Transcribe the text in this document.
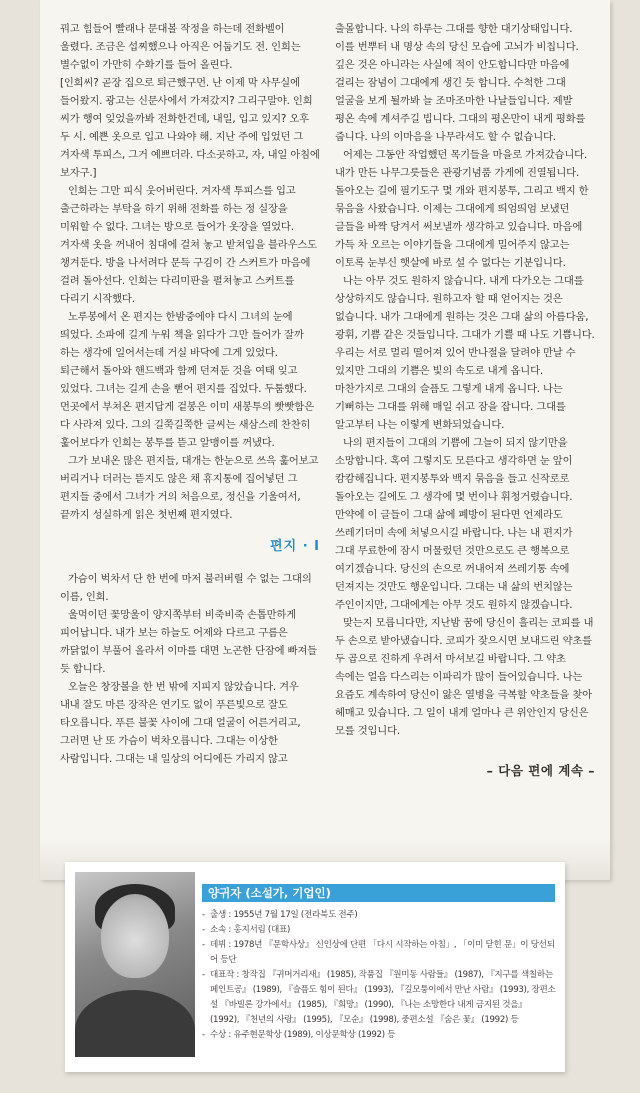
꿔고 힘들어 빨래나 문대볼 작정을 하는데 전화벨이 울렸다. 조금은 섭찌했으나 아직은 어둡기도 전. 인희는 별수없이 가만히 수화기를 들어 올린다.

[인희씨? 곧장 집으로 퇴근했구먼. 난 이제 막 사무실에 들어왔지. 광고는 신문사에서 가져갔지? 그리구말야. 인희 씨가 행여 잊었을까봐 전화한건데, 내일, 입고 있지? 오후 두 시. 예쁜 옷으로 입고 나와야 해. 지난 주에 입었던 그 겨자색 투피스, 그거 예쁘더라. 다소곳하고, 자, 내일 아침에 보자구.]

인희는 그만 피식 웃어버린다. 겨자색 투피스를 입고 출근하라는 부탁을 하기 위해 전화를 하는 정 실장을 미워할 수 없다. 그녀는 방으로 들어가 옷장을 열었다. 겨자색 옷을 꺼내어 침대에 걸쳐 놓고 받쳐입을 블라우스도 챙겨둔다. 방을 나서려다 문득 구김이 간 스커트가 마음에 걸려 돌아선다. 인희는 다리미판을 펼쳐놓고 스커트를 다리기 시작했다.

노루봉에서 온 편지는 한밤중에야 다시 그녀의 눈에 띄었다. 소파에 길게 누워 책을 읽다가 그만 들어가 잘까 하는 생각에 일어서는데 거실 바닥에 그게 있었다. 퇴근해서 돌아와 핸드백과 함께 던져둔 것을 여태 잊고 있었다. 그녀는 길게 손을 뻗어 편지를 집었다. 두툼했다. 먼곳에서 부쳐온 편지답게 겉봉은 이미 새봉투의 빳빳함은 다 사라져 있다. 그의 길쭉길쭉한 글씨는 새삼스레 찬찬히 훑어보다가 인희는 봉투를 뜯고 알맹이를 꺼냈다.

그가 보내온 많은 편지들, 대개는 한눈으로 쓰윽 훑어보고 버리거나 더러는 뜯지도 않은 채 휴지통에 집어넣던 그 편지들 중에서 그녀가 거의 처음으로, 정신을 기울여서, 끝까지 성실하게 읽은 첫번째 편지였다.

편지 · I

가슴이 벅차서 단 한 번에 마저 불러버릴 수 없는 그대의 이름, 인희.

울먹이던 꽃망울이 양지쪽부터 비죽비죽 손톱만하게 피어납니다. 내가 보는 하늘도 어제와 다르고 구름은 까닭없이 부풀어 올라서 이마를 대면 노곤한 단잠에 빠져들 듯 합니다.

오늘은 창장볼을 한 번 밖에 지피지 않았습니다. 겨우 내내 잘도 마른 장작은 연기도 없이 푸른빛으로 잘도 타오릅니다. 푸른 불꽃 사이에 그대 얼굴이 어른거리고, 그러면 난 또 가슴이 벅차오릅니다. 그대는 이상한 사람입니다. 그대는 내 일상의 어디에든 가리지 않고

출몰합니다. 나의 하루는 그대를 향한 대기상태입니다. 이를 번뿌터 내 명상 속의 당신 모습에 고뇌가 비칩니다. 깊은 것은 아니라는 사실에 적이 안도합니다만 마음에 걸리는 잠념이 그대에게 생긴 듯 합니다. 수척한 그대 얼굴을 보게 될까봐 늘 조마조마한 나날들입니다. 제발 평온 속에 계셔주길 빕니다. 그대의 평온만이 내게 평화를 줍니다. 나의 이마음을 나무라셔도 할 수 없습니다.

어제는 그동안 작업했던 목기들을 마을로 가져갔습니다. 내가 만든 나무그릇들은 관광기념품 가게에 진열됩니다. 돌아오는 길에 필기도구 몇 개와 편지봉투, 그리고 백지 한 묶음을 사왔습니다. 이제는 그대에게 띄엄띄엄 보냈던 글들을 바짝 당겨서 써보낼까 생각하고 있습니다. 마음에 가득 차 오르는 이야기들을 그대에게 밀어주지 않고는 이토록 눈부신 햇살에 바로 설 수 없다는 기분입니다.

나는 아무 것도 원하지 않습니다. 내게 다가오는 그대를 상상하지도 않습니다. 원하고자 할 때 얻어지는 것은 없습니다. 내가 그대에게 원하는 것은 그대 삶의 아름다움, 광휘, 기쁨 같은 것들입니다. 그대가 기쁠 때 나도 기쁩니다. 우리는 서로 멀리 떨어져 있어 반나절을 달려야 만날 수 있지만 그대의 기쁨은 빛의 속도로 내게 옵니다. 마찬가지로 그대의 슬픔도 그렇게 내게 옵니다. 나는 기뻐하는 그대를 위해 매일 쉬고 잠을 잡니다. 그대를 알고부터 나는 이렇게 변화되었습니다.

나의 편지들이 그대의 기쁨에 그늘이 되지 않기만을 소망합니다. 혹여 그렇지도 모른다고 생각하면 눈 앞이 캄캄해집니다. 편지봉투와 백지 묶음을 들고 신작로로 돌아오는 길에도 그 생각에 몇 번이나 휘청거렸습니다. 만약에 이 글들이 그대 삶에 폐방이 된다면 언제라도 쓰레기더미 속에 처넣으시길 바랍니다. 나는 내 편지가 그대 무료한에 잠시 머물렀던 것만으로도 큰 행복으로 여기겠습니다. 당신의 손으로 꺼내어져 쓰레기통 속에 던져지는 것만도 행운입니다. 그대는 내 삶의 번치않는 주인이지만, 그대에게는 아무 것도 원하지 않겠습니다.

맞는지 모릅니다만, 지난밤 꿈에 당신이 흘리는 코피를 내 두 손으로 받아냈습니다. 코피가 잦으시면 보내드린 약초를 두 곱으로 진하게 우려서 마셔보길 바랍니다. 그 약초 속에는 얼음 다스리는 이파리가 많이 들어있습니다. 나는 요즘도 계속하여 당신이 앓은 열병을 극복할 약초들을 찾아 헤매고 있습니다. 그 일이 내게 얼마나 큰 위안인지 당신은 모를 것입니다.

– 다음 편에 계속 –
양귀자 (소설가, 기업인)
- 출생 : 1955년 7월 17일 (전라북도 전주)
- 소속 : 홍지서림 (대표)
- 데뷔 : 1978년 『문학사상』 신인상에 단편 「다시 시작하는 아침」, 「이미 닫힌 문」이 당선되어 등단
- 대표작 : 창작집 『귀머거리새』 (1985), 작품집 『원미동 사람들』 (1987), 『지구를 색칠하는 페인트공』 (1989), 『슬픔도 힘이 된다』 (1993), 『길모퉁이에서 만난 사람』 (1993), 장편소설 『바빌론 강가에서』 (1985), 『희망』 (1990), 『나는 소망한다 내게 금지된 것을』 (1992), 『천년의 사랑』 (1995), 『모순』 (1998), 중편소설 『숨은 꽃』 (1992) 등
- 수상 : 유주현문학상 (1989), 이상문학상 (1992) 등
